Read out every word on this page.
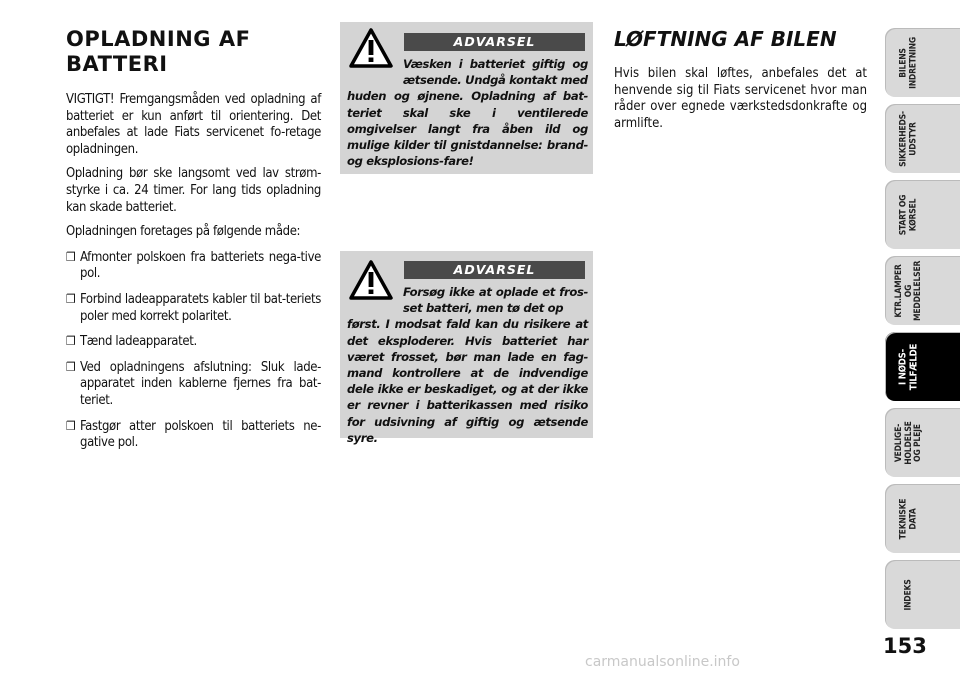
OPLADNING AF
BATTERI

VIGTIGT! Fremgangsmåden ved opladning af batteriet er kun anført til orientering. Det anbefales at lade Fiats servicenet fo-retage opladningen.

Opladning bør ske langsomt ved lav strøm-styrke i ca. 24 timer. For lang tids opladning kan skade batteriet.

Opladningen foretages på følgende måde:

❒ Afmonter polskoen fra batteriets nega-tive pol.

❒ Forbind ladeapparatets kabler til bat-teriets poler med korrekt polaritet.

❒ Tænd ladeapparatet.

❒ Ved opladningens afslutning: Sluk lade-apparatet inden kablerne fjernes fra bat-teriet.

❒ Fastgør atter polskoen til batteriets ne-gative pol.

ADVARSEL
Væsken i batteriet giftig og ætsende. Undgå kontakt med
huden og øjnene. Opladning af bat-teriet skal ske i ventilerede omgivelser langt fra åben ild og mulige kilder til gnistdannelse: brand- og eksplosions-fare!
ADVARSEL
Forsøg ikke at oplade et fros-set batteri, men tø det op
først. I modsat fald kan du risikere at det eksploderer. Hvis batteriet har været frosset, bør man lade en fag-mand kontrollere at de indvendige dele ikke er beskadiget, og at der ikke er revner i batterikassen med risiko for udsivning af giftig og ætsende syre.
LØFTNING AF BILEN

Hvis bilen skal løftes, anbefales det at henvende sig til Fiats servicenet hvor man råder over egnede værkstedsdonkrafte og armlifte.

BILENS
INDRETNING
SIKKERHEDS-
UDSTYR
START OG
KØRSEL
KTR.LAMPER
OG
MEDDELELSER
I NØDS-
TILFÆLDE
VEDLIGE-
HOLDELSE
OG PLEJE
TEKNISKE
DATA
INDEKS
153
carmanualsonline.info
